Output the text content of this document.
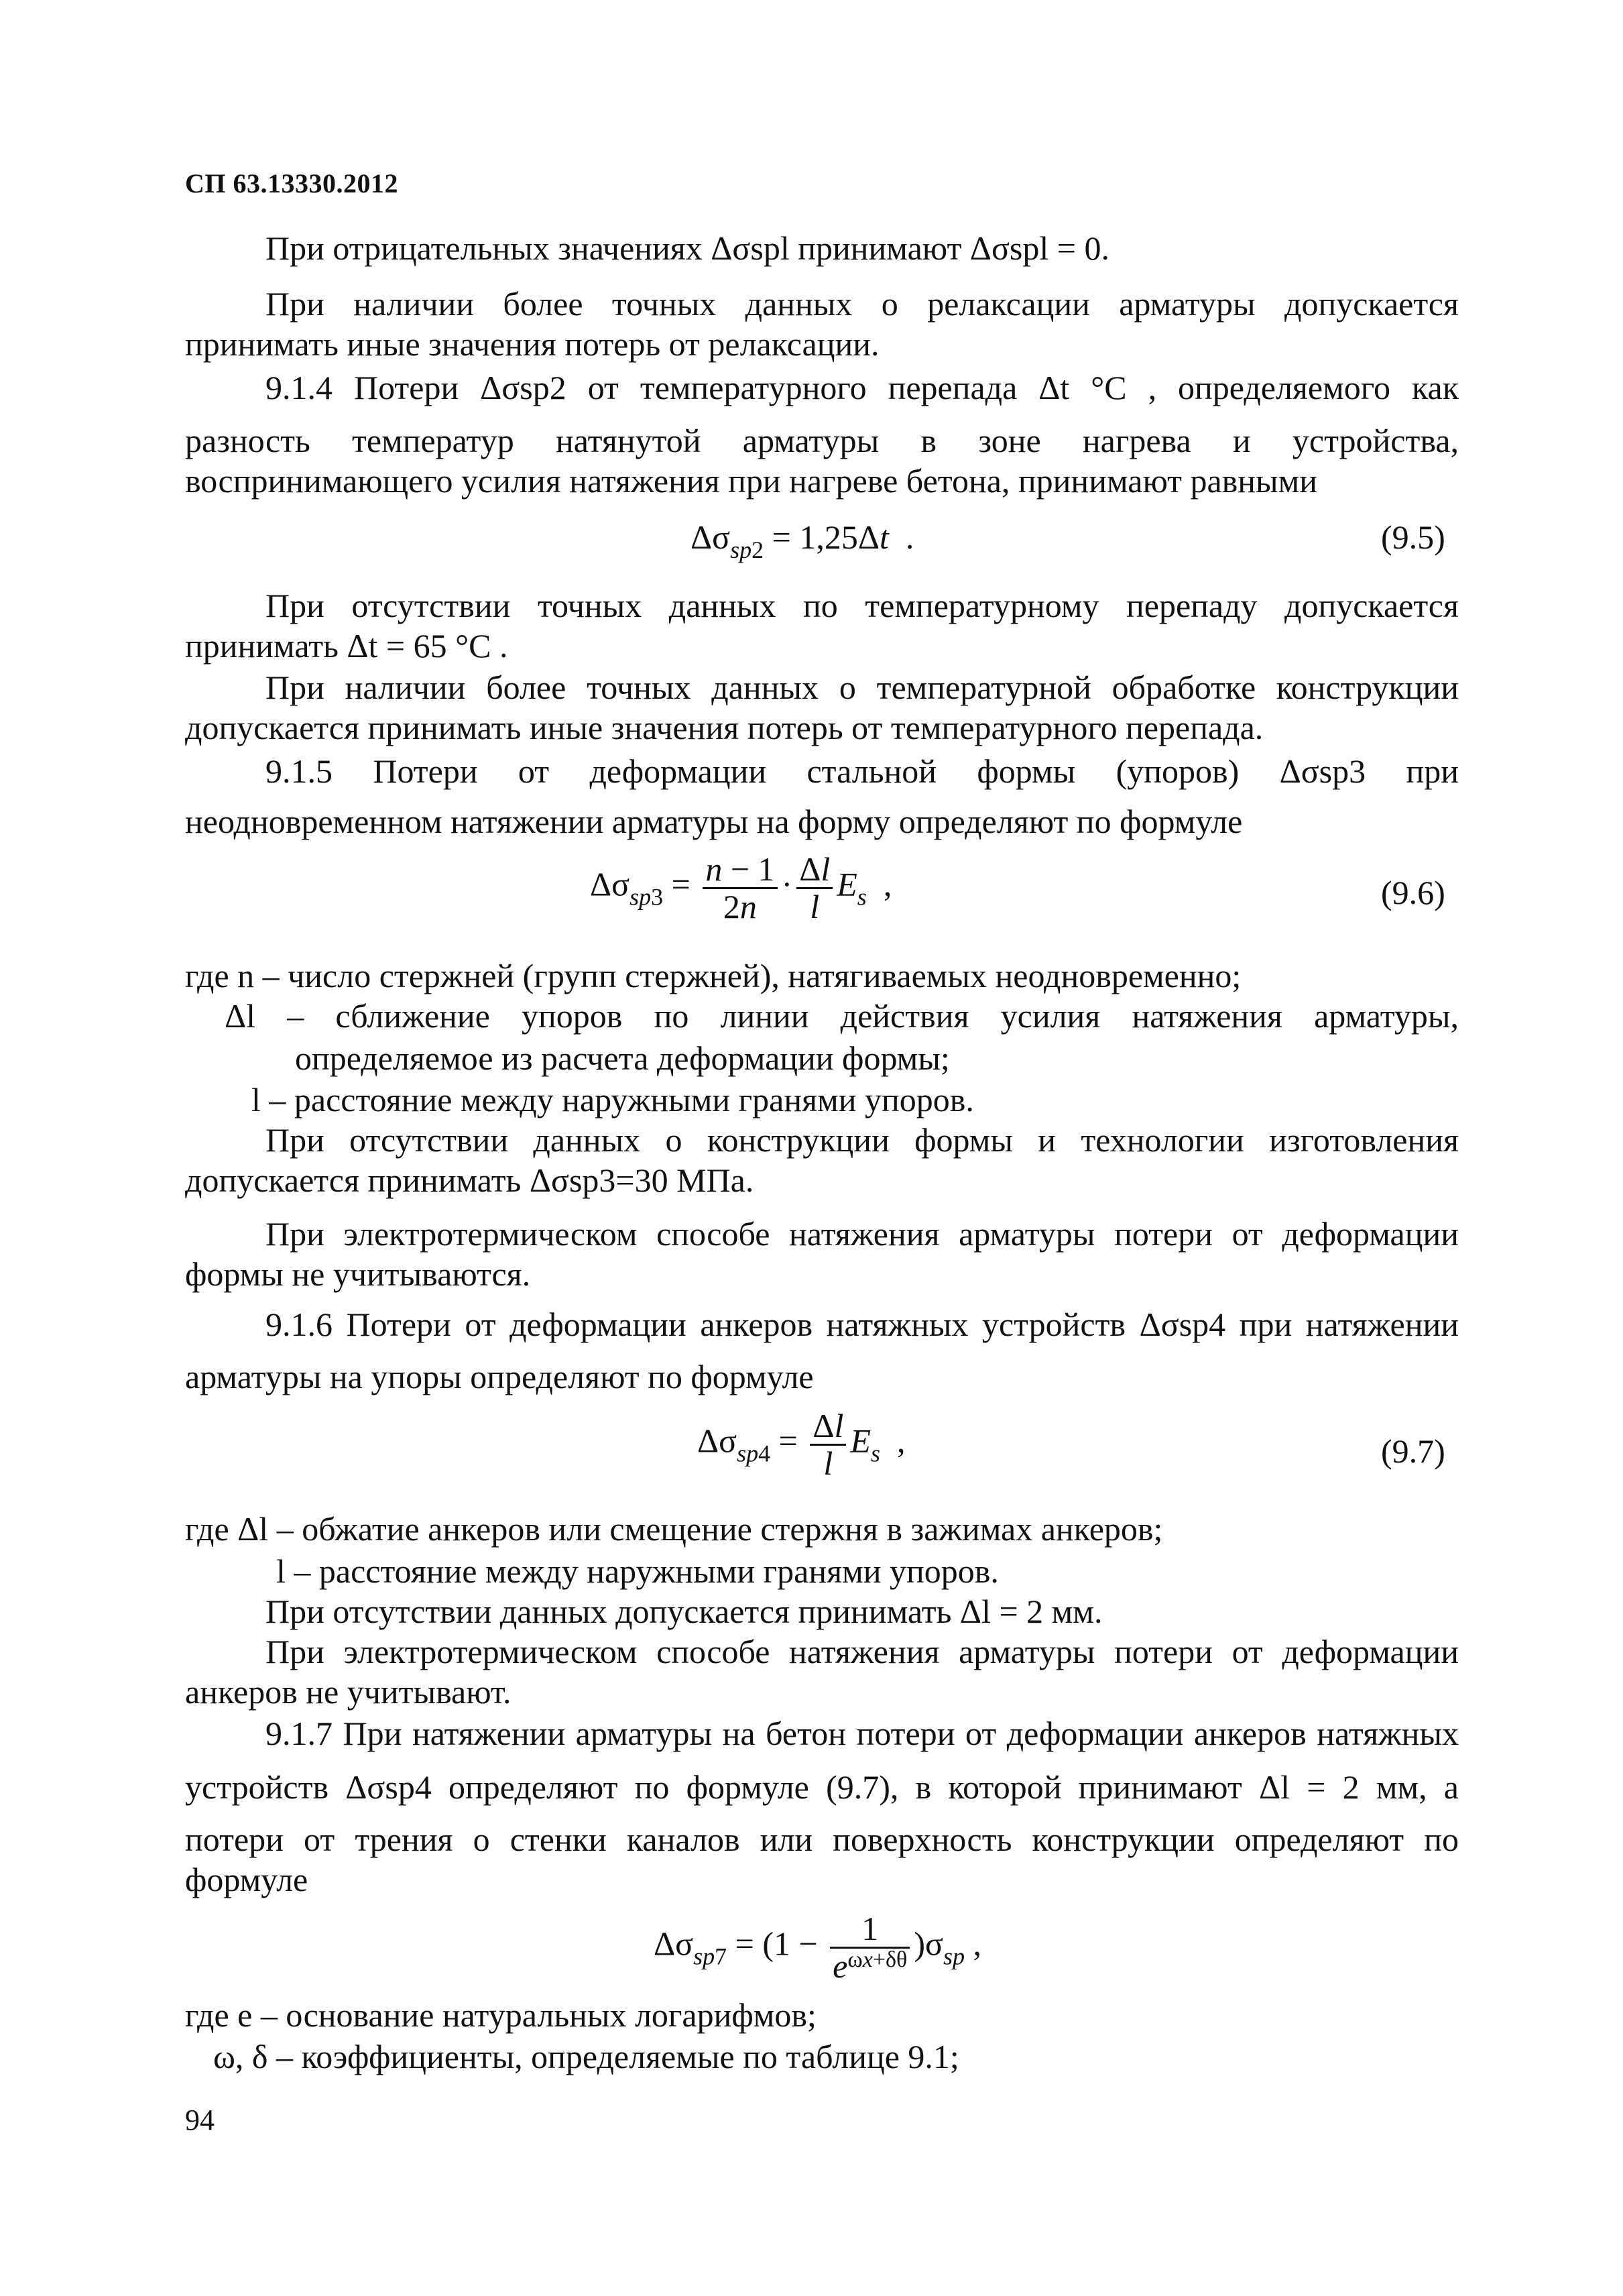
СП 63.13330.2012
При отрицательных значениях Δσspl принимают Δσspl = 0.
При наличии более точных данных о релаксации арматуры допускается
принимать иные значения потерь от релаксации.
9.1.4 Потери Δσsp2 от температурного перепада Δt °С , определяемого как
разность температур натянутой арматуры в зоне нагрева и устройства,
воспринимающего усилия натяжения при нагреве бетона, принимают равными
$\Delta\sigma_{sp2} = 1,25\Delta t$  .	(9.5)
При отсутствии точных данных по температурному перепаду допускается
принимать Δt = 65 °С .
При наличии более точных данных о температурной обработке конструкции
допускается принимать иные значения потерь от температурного перепада.
9.1.5 Потери от деформации стальной формы (упоров) Δσsp3 при
неодновременном натяжении арматуры на форму определяют по формуле
$\Delta\sigma_{sp3} = \frac{n - 1}{2n} \cdot \frac{\Delta l}{l} E_s$  ,	(9.6)
где n – число стержней (групп стержней), натягиваемых неодновременно;
Δl – сближение упоров по линии действия усилия натяжения арматуры,
определяемое из расчета деформации формы;
l – расстояние между наружными гранями упоров.
При отсутствии данных о конструкции формы и технологии изготовления
допускается принимать Δσsp3=30 МПа.
При электротермическом способе натяжения арматуры потери от деформации
формы не учитываются.
9.1.6 Потери от деформации анкеров натяжных устройств Δσsp4 при натяжении
арматуры на упоры определяют по формуле
$\Delta\sigma_{sp4} = \frac{\Delta l}{l} E_s$  ,	(9.7)
где Δl – обжатие анкеров или смещение стержня в зажимах анкеров;
l – расстояние между наружными гранями упоров.
При отсутствии данных допускается принимать Δl = 2 мм.
При электротермическом способе натяжения арматуры потери от деформации
анкеров не учитывают.
9.1.7 При натяжении арматуры на бетон потери от деформации анкеров натяжных
устройств Δσsp4 определяют по формуле (9.7), в которой принимают Δl = 2 мм, а
потери от трения о стенки каналов или поверхность конструкции определяют по
формуле
$\Delta\sigma_{sp7} = (1 - \frac{1}{e^{\omega x+\delta\theta}} )\sigma_{sp}$ ,
где e – основание натуральных логарифмов;
ω, δ – коэффициенты, определяемые по таблице 9.1;
94
